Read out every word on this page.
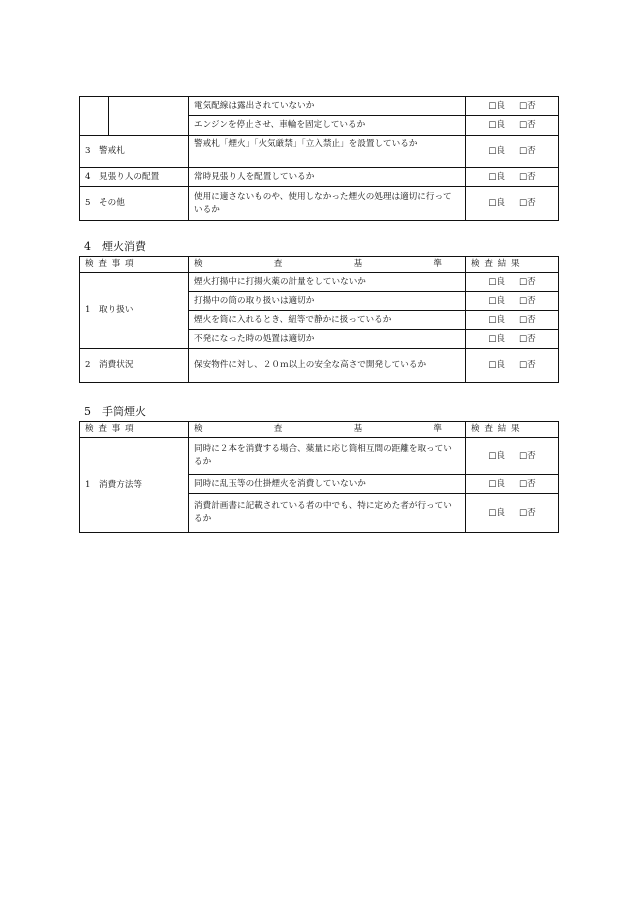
		電気配線は露出されていないか	□良 □否
		エンジンを停止させ、車輪を固定しているか	□良 □否
3　警戒札		警戒札「煙火」「火気厳禁」「立入禁止」を設置しているか	□良 □否
4　見張り人の配置		常時見張り人を配置しているか	□良 □否
5　その他		使用に適さないものや、使用しなかった煙火の処理は適切に行っているか	□良 □否
4　煙火消費
検査事項	検 査 基 準	検査結果
1　取り扱い	煙火打揚中に打揚火薬の計量をしていないか	□良 □否
	打揚中の筒の取り扱いは適切か	□良 □否
	煙火を筒に入れるとき、紐等で静かに扱っているか	□良 □否
	不発になった時の処置は適切か	□良 □否
2　消費状況	保安物件に対し、２０ｍ以上の安全な高さで開発しているか	□良 □否
5　手筒煙火
検査事項	検 査 基 準	検査結果
1　消費方法等	同時に２本を消費する場合、薬量に応じ筒相互間の距離を取っているか	□良 □否
	同時に乱玉等の仕掛煙火を消費していないか	□良 □否
	消費計画書に記載されている者の中でも、特に定めた者が行っているか	□良 □否
